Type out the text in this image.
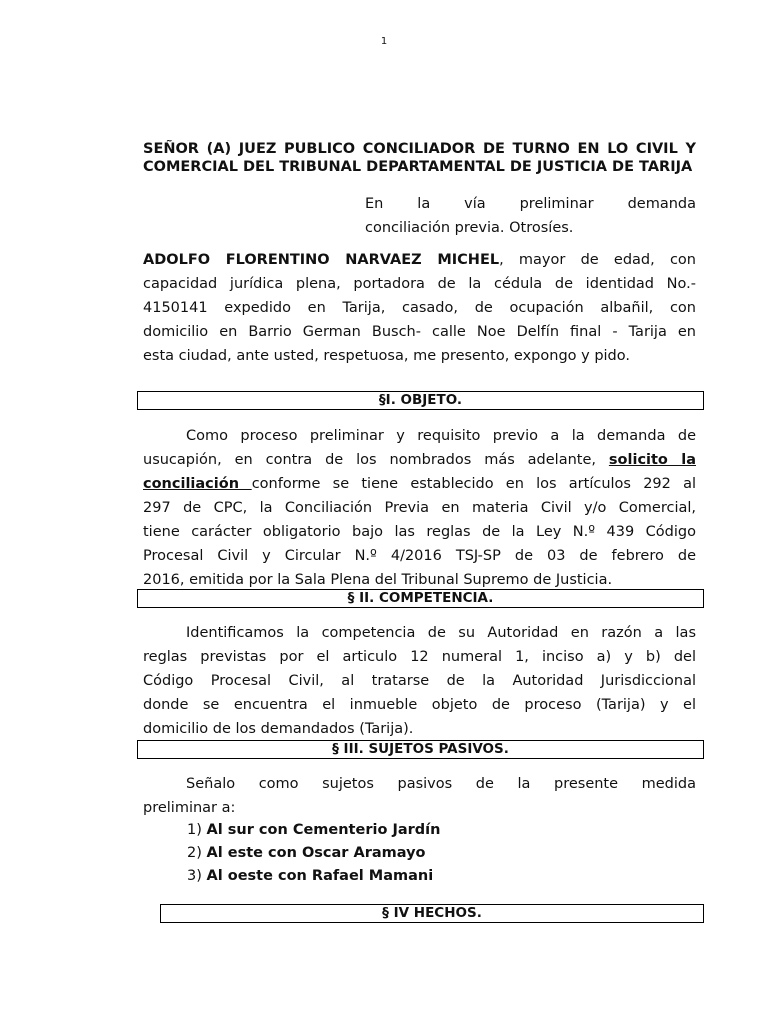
1
SEÑOR (A) JUEZ PUBLICO CONCILIADOR DE TURNO EN LO CIVIL Y COMERCIAL DEL TRIBUNAL DEPARTAMENTAL DE JUSTICIA DE TARIJA
En la vía preliminar demanda
conciliación previa. Otrosíes.
ADOLFO FLORENTINO NARVAEZ MICHEL, mayor de edad, con
capacidad jurídica plena, portadora de la cédula de identidad No.-
4150141 expedido en Tarija, casado, de ocupación albañil, con
domicilio en Barrio German Busch- calle Noe Delfín final - Tarija en
esta ciudad, ante usted, respetuosa, me presento, expongo y pido.
§I. OBJETO.
Como proceso preliminar y requisito previo a la demanda de
usucapión, en contra de los nombrados más adelante, solicito la
conciliación conforme se tiene establecido en los artículos 292 al
297 de CPC, la Conciliación Previa en materia Civil y/o Comercial,
tiene carácter obligatorio bajo las reglas de la Ley N.º 439 Código
Procesal Civil y Circular N.º 4/2016 TSJ-SP de 03 de febrero de
2016, emitida por la Sala Plena del Tribunal Supremo de Justicia.
§ II. COMPETENCIA.
Identificamos la competencia de su Autoridad en razón a las
reglas previstas por el articulo 12 numeral 1, inciso a) y b) del
Código Procesal Civil, al tratarse de la Autoridad Jurisdiccional
donde se encuentra el inmueble objeto de proceso (Tarija) y el
domicilio de los demandados (Tarija).
§ III. SUJETOS PASIVOS.
Señalo como sujetos pasivos de la presente medida
preliminar a:
1) Al sur con Cementerio Jardín
2) Al este con Oscar Aramayo
3) Al oeste con Rafael Mamani
§ IV HECHOS.
